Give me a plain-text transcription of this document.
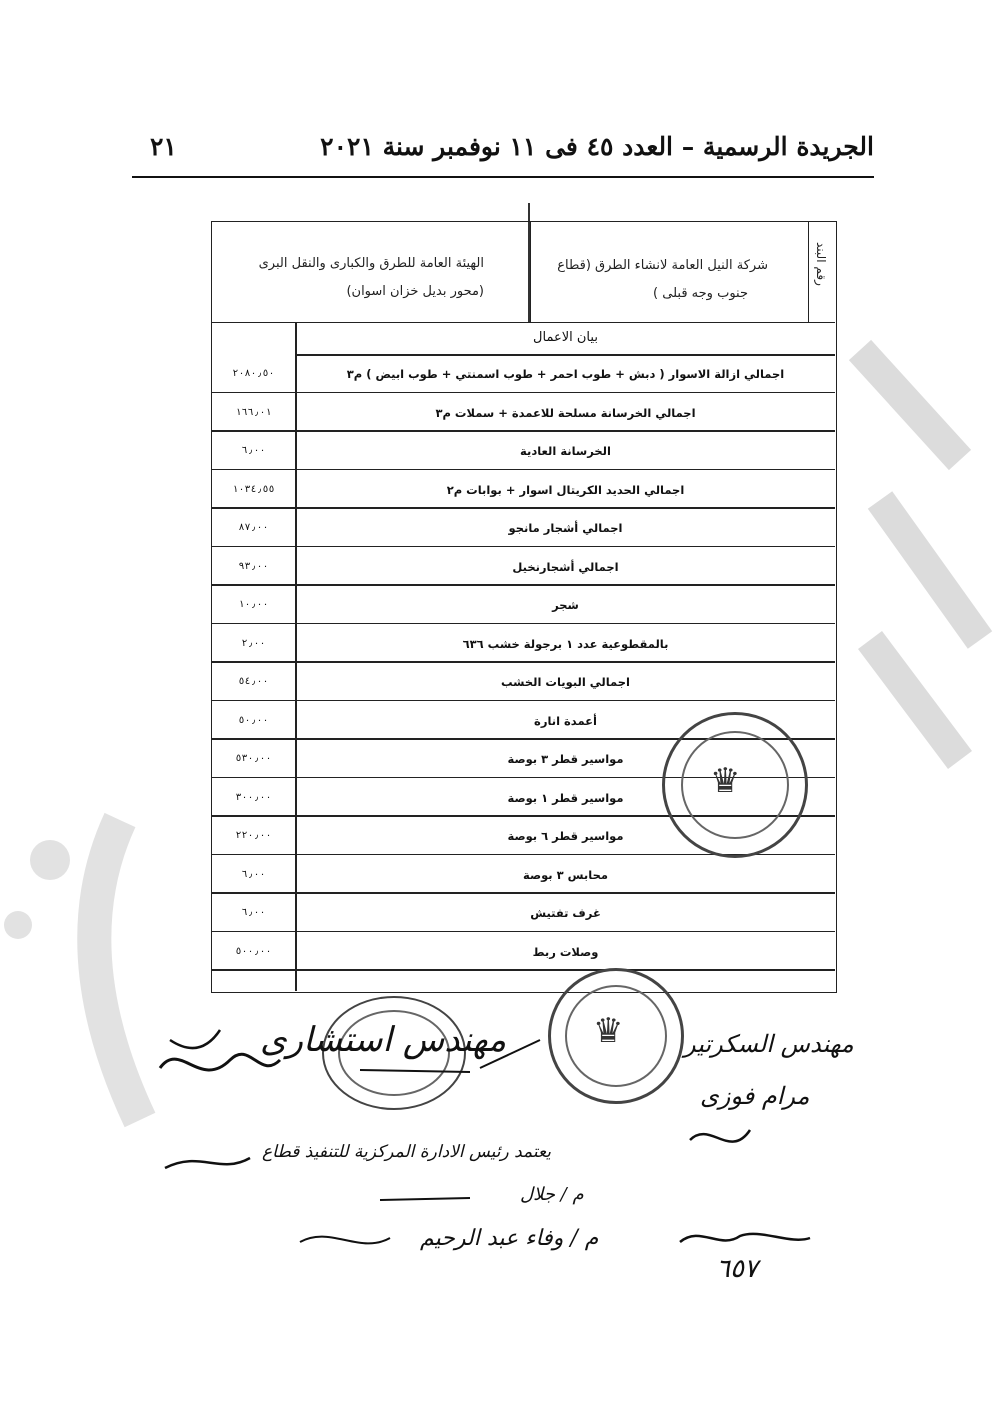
٢١	الجريدة الرسمية – العدد ٤٥ فى ١١ نوفمبر سنة ٢٠٢١
الهيئة العامة للطرق والكبارى والنقل البرى
(محور بديل خزان اسوان)
شركة النيل العامة لانشاء الطرق (قطاع
جنوب وجه قبلى )
رقم البند
بيان الاعمال
٢٠٨٠٫٥٠	اجمالي ازالة الاسوار ( دبش + طوب احمر + طوب اسمنتي + طوب ابيض ) م٣
١٦٦٫٠١	اجمالي الخرسانة مسلحة للاعمدة + سملات م٣
٦٫٠٠	الخرسانة العادية
١٠٣٤٫٥٥	اجمالي الحديد الكريتال اسوار + بوابات م٢
٨٧٫٠٠	اجمالي أشجار مانجو
٩٣٫٠٠	اجمالي أشجارنخيل
١٠٫٠٠	شجر
٢٫٠٠	بالمقطوعية عدد ١ برجولة خشب ٦٣٦
٥٤٫٠٠	اجمالي البويات الخشب
٥٠٫٠٠	أعمدة انارة
٥٣٠٫٠٠	مواسير قطر ٣ بوصة
٣٠٠٫٠٠	مواسير قطر ١ بوصة
٢٢٠٫٠٠	مواسير قطر ٦ بوصة
٦٫٠٠	محابس ٣ بوصة
٦٫٠٠	غرف تفتيش
٥٠٠٫٠٠	وصلات ربط
♛
♛
مهندس استشارى	مهندس السكرتير
مرام فوزى
يعتمد رئيس الادارة المركزية للتنفيذ قطاع
م / جلال
م / وفاء عبد الرحيم
٦٥٧
